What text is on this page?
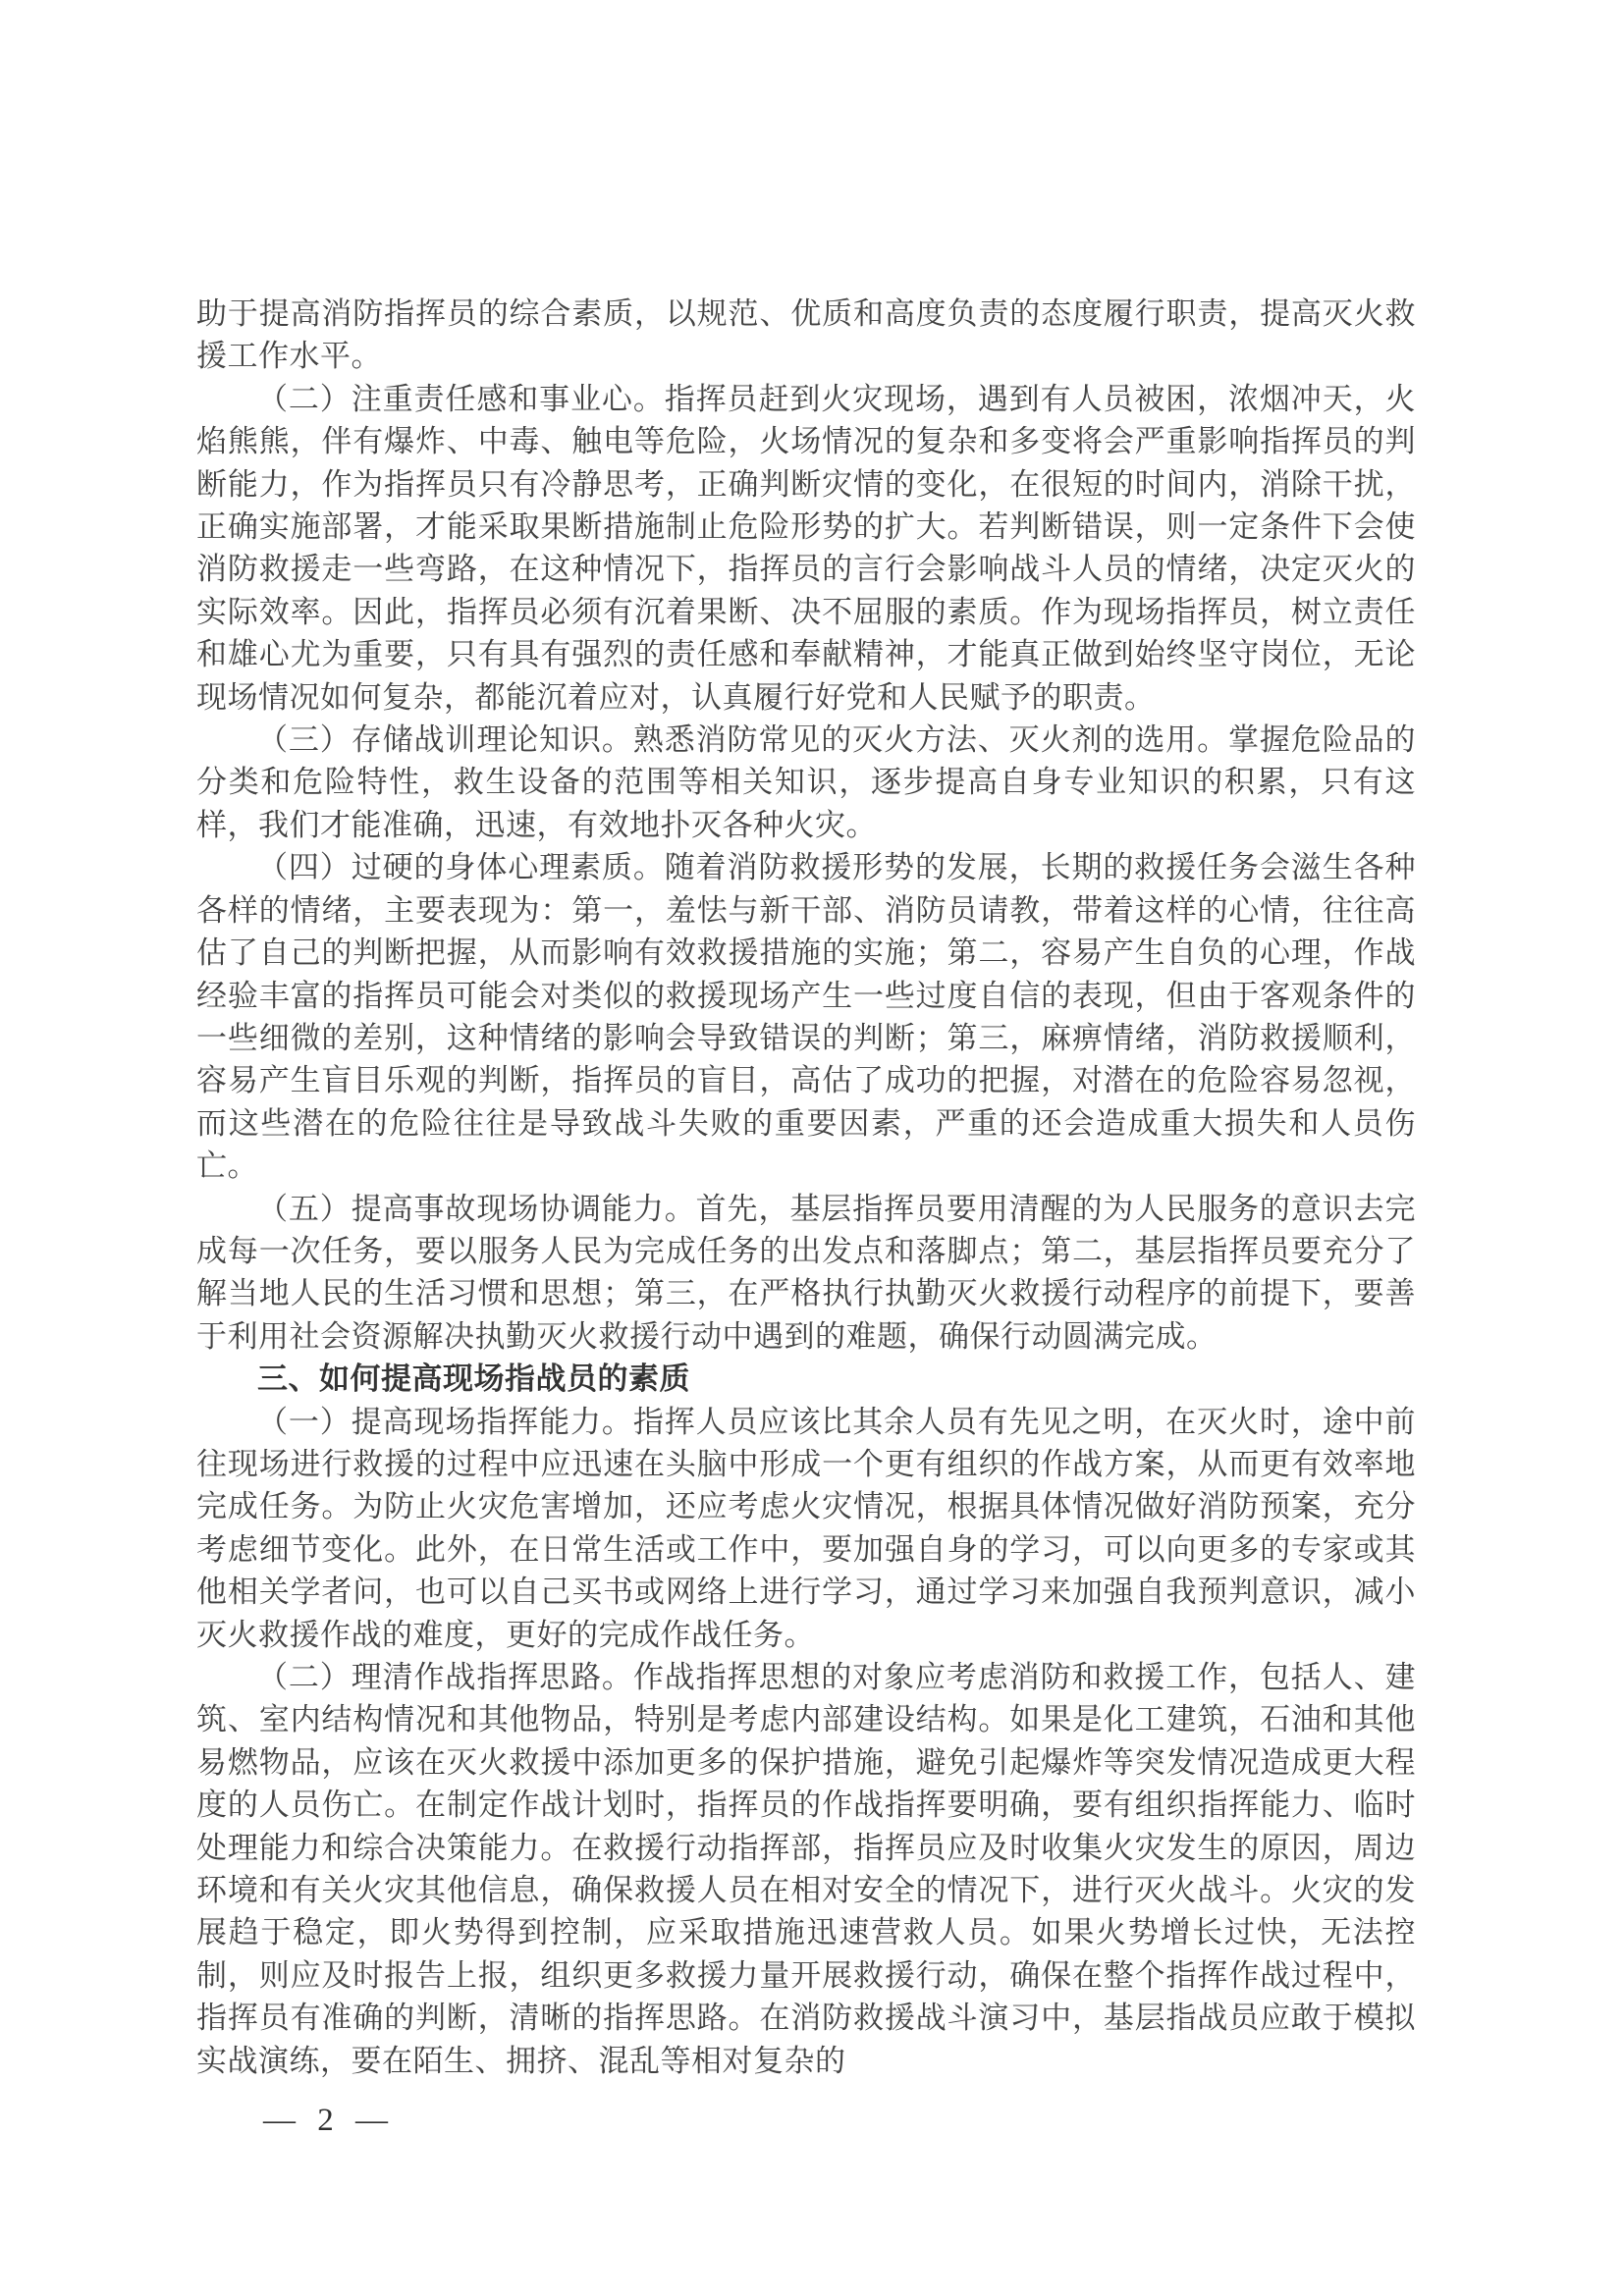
助于提高消防指挥员的综合素质，以规范、优质和高度负责的态度履行职责，提高灭火救援工作水平。

（二）注重责任感和事业心。指挥员赶到火灾现场，遇到有人员被困，浓烟冲天，火焰熊熊，伴有爆炸、中毒、触电等危险，火场情况的复杂和多变将会严重影响指挥员的判断能力，作为指挥员只有冷静思考，正确判断灾情的变化，在很短的时间内，消除干扰，正确实施部署，才能采取果断措施制止危险形势的扩大。若判断错误，则一定条件下会使消防救援走一些弯路，在这种情况下，指挥员的言行会影响战斗人员的情绪，决定灭火的实际效率。因此，指挥员必须有沉着果断、决不屈服的素质。作为现场指挥员，树立责任和雄心尤为重要，只有具有强烈的责任感和奉献精神，才能真正做到始终坚守岗位，无论现场情况如何复杂，都能沉着应对，认真履行好党和人民赋予的职责。

（三）存储战训理论知识。熟悉消防常见的灭火方法、灭火剂的选用。掌握危险品的分类和危险特性，救生设备的范围等相关知识，逐步提高自身专业知识的积累，只有这样，我们才能准确，迅速，有效地扑灭各种火灾。

（四）过硬的身体心理素质。随着消防救援形势的发展，长期的救援任务会滋生各种各样的情绪，主要表现为：第一，羞怯与新干部、消防员请教，带着这样的心情，往往高估了自己的判断把握，从而影响有效救援措施的实施；第二，容易产生自负的心理，作战经验丰富的指挥员可能会对类似的救援现场产生一些过度自信的表现，但由于客观条件的一些细微的差别，这种情绪的影响会导致错误的判断；第三，麻痹情绪，消防救援顺利，容易产生盲目乐观的判断，指挥员的盲目，高估了成功的把握，对潜在的危险容易忽视，而这些潜在的危险往往是导致战斗失败的重要因素，严重的还会造成重大损失和人员伤亡。

（五）提高事故现场协调能力。首先，基层指挥员要用清醒的为人民服务的意识去完成每一次任务，要以服务人民为完成任务的出发点和落脚点；第二，基层指挥员要充分了解当地人民的生活习惯和思想；第三，在严格执行执勤灭火救援行动程序的前提下，要善于利用社会资源解决执勤灭火救援行动中遇到的难题，确保行动圆满完成。

三、如何提高现场指战员的素质

（一）提高现场指挥能力。指挥人员应该比其余人员有先见之明，在灭火时，途中前往现场进行救援的过程中应迅速在头脑中形成一个更有组织的作战方案，从而更有效率地完成任务。为防止火灾危害增加，还应考虑火灾情况，根据具体情况做好消防预案，充分考虑细节变化。此外，在日常生活或工作中，要加强自身的学习，可以向更多的专家或其他相关学者问，也可以自己买书或网络上进行学习，通过学习来加强自我预判意识，减小灭火救援作战的难度，更好的完成作战任务。

（二）理清作战指挥思路。作战指挥思想的对象应考虑消防和救援工作，包括人、建筑、室内结构情况和其他物品，特别是考虑内部建设结构。如果是化工建筑，石油和其他易燃物品，应该在灭火救援中添加更多的保护措施，避免引起爆炸等突发情况造成更大程度的人员伤亡。在制定作战计划时，指挥员的作战指挥要明确，要有组织指挥能力、临时处理能力和综合决策能力。在救援行动指挥部，指挥员应及时收集火灾发生的原因，周边环境和有关火灾其他信息，确保救援人员在相对安全的情况下，进行灭火战斗。火灾的发展趋于稳定，即火势得到控制，应采取措施迅速营救人员。如果火势增长过快，无法控制，则应及时报告上报，组织更多救援力量开展救援行动，确保在整个指挥作战过程中，指挥员有准确的判断，清晰的指挥思路。在消防救援战斗演习中，基层指战员应敢于模拟实战演练，要在陌生、拥挤、混乱等相对复杂的

— 2 —
